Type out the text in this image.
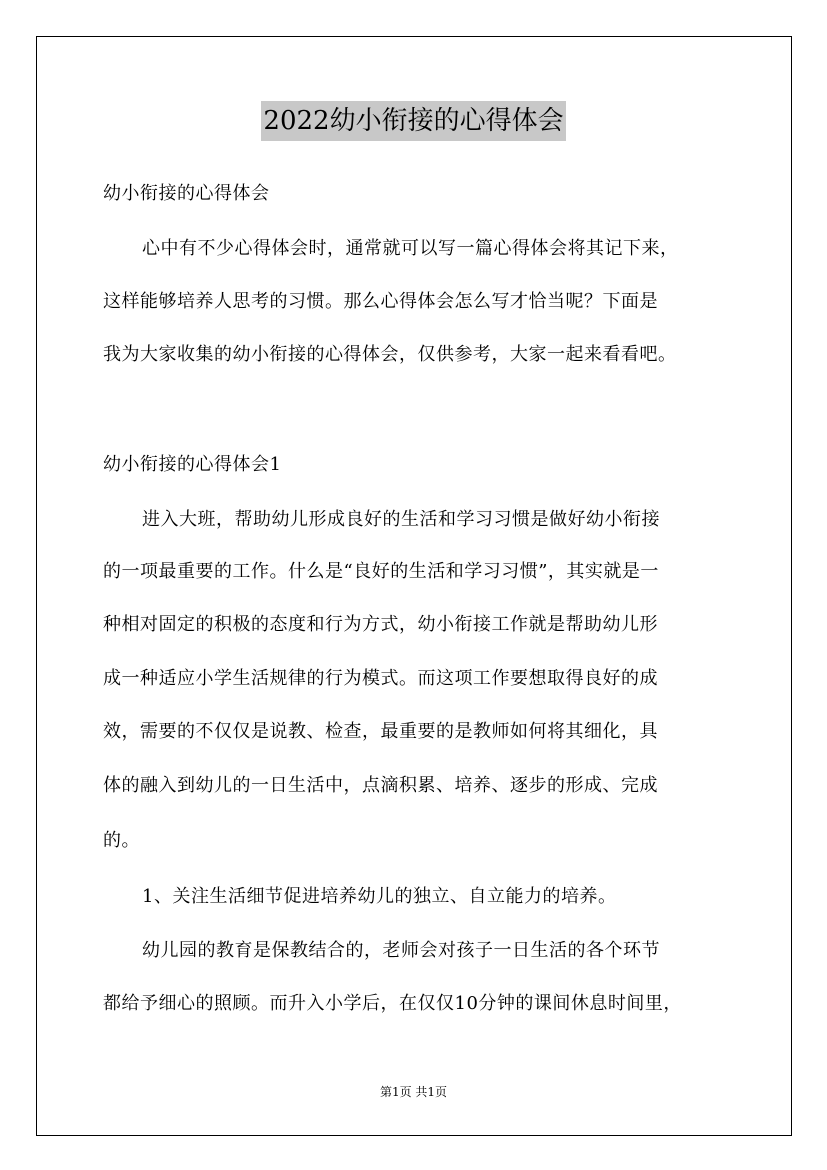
2022幼小衔接的心得体会
幼小衔接的心得体会
心中有不少心得体会时，通常就可以写一篇心得体会将其记下来，
这样能够培养人思考的习惯。那么心得体会怎么写才恰当呢？下面是
我为大家收集的幼小衔接的心得体会，仅供参考，大家一起来看看吧。
幼小衔接的心得体会1
进入大班，帮助幼儿形成良好的生活和学习习惯是做好幼小衔接
的一项最重要的工作。什么是“良好的生活和学习习惯”，其实就是一
种相对固定的积极的态度和行为方式，幼小衔接工作就是帮助幼儿形
成一种适应小学生活规律的行为模式。而这项工作要想取得良好的成
效，需要的不仅仅是说教、检查，最重要的是教师如何将其细化，具
体的融入到幼儿的一日生活中，点滴积累、培养、逐步的形成、完成
的。
1、关注生活细节促进培养幼儿的独立、自立能力的培养。
幼儿园的教育是保教结合的，老师会对孩子一日生活的各个环节
都给予细心的照顾。而升入小学后，在仅仅10分钟的课间休息时间里，
第1页 共1页
